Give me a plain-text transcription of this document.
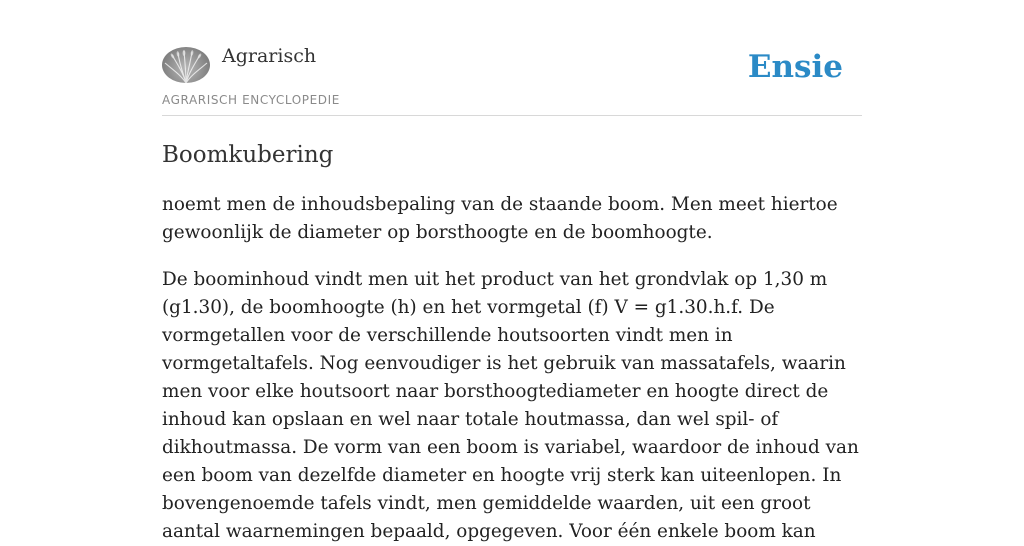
Agrarisch
AGRARISCH ENCYCLOPEDIE
Ensie
Boomkubering

noemt men de inhoudsbepaling van de staande boom. Men meet hiertoe gewoonlijk de diameter op borsthoogte en de boomhoogte.

De boominhoud vindt men uit het product van het grondvlak op 1,30 m (g1.30), de boomhoogte (h) en het vormgetal (f) V = g1.30.h.f. De vormgetallen voor de verschillende houtsoorten vindt men in vormgetaltafels. Nog eenvoudiger is het gebruik van massatafels, waarin men voor elke houtsoort naar borsthoogtediameter en hoogte direct de inhoud kan opslaan en wel naar totale houtmassa, dan wel spil- of dikhoutmassa. De vorm van een boom is variabel, waardoor de inhoud van een boom van dezelfde diameter en hoogte vrij sterk kan uiteenlopen. In bovengenoemde tafels vindt, men gemiddelde waarden, uit een groot aantal waarnemingen bepaald, opgegeven. Voor één enkele boom kan
